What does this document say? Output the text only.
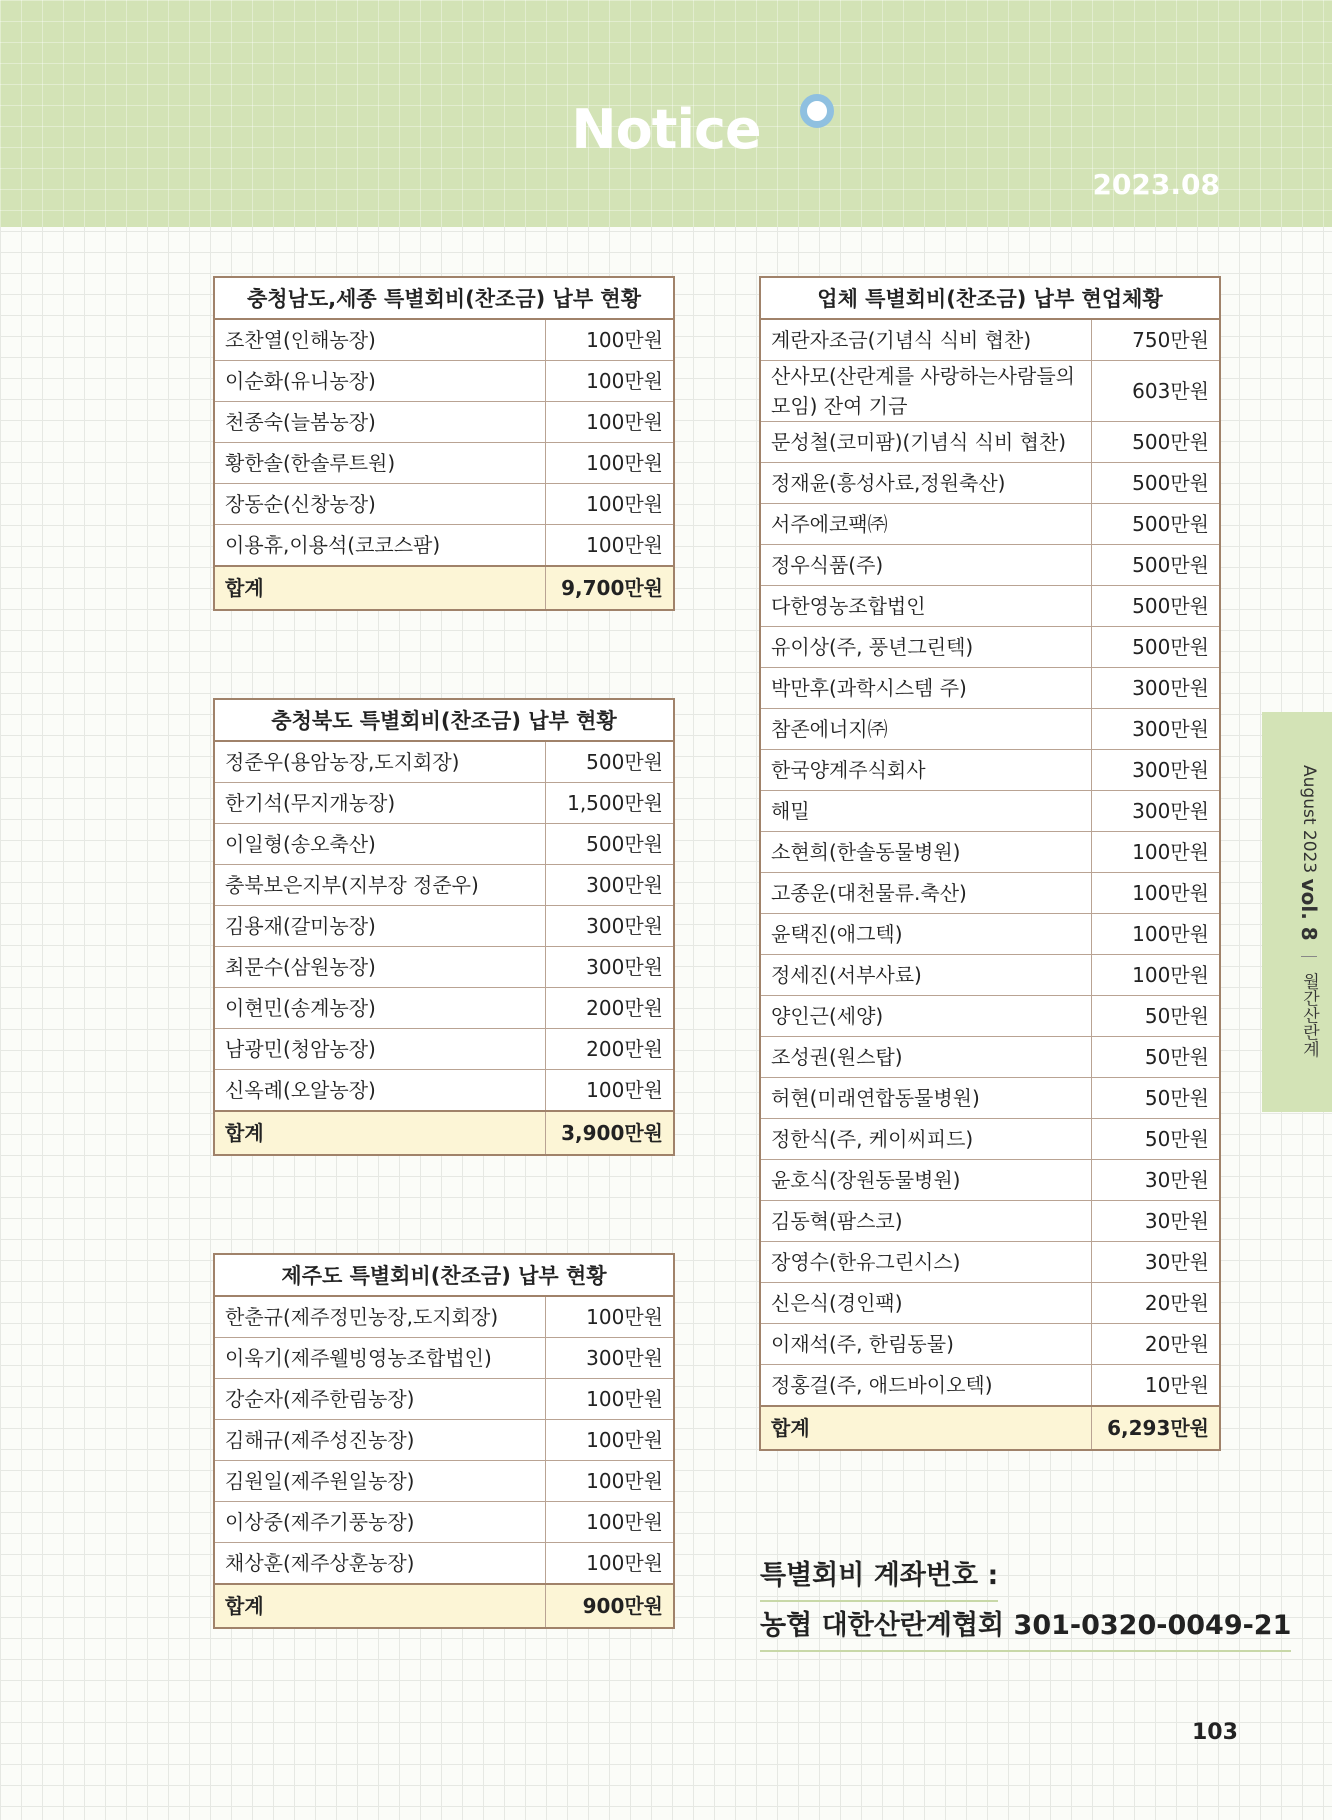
Notice
2023.08
충청남도,세종 특별회비(찬조금) 납부 현황	
조찬열(인해농장)	100만원
이순화(유니농장)	100만원
천종숙(늘봄농장)	100만원
황한솔(한솔루트원)	100만원
장동순(신창농장)	100만원
이용휴,이용석(코코스팜)	100만원
합계	9,700만원
충청북도 특별회비(찬조금) 납부 현황	
정준우(용암농장,도지회장)	500만원
한기석(무지개농장)	1,500만원
이일형(송오축산)	500만원
충북보은지부(지부장 정준우)	300만원
김용재(갈미농장)	300만원
최문수(삼원농장)	300만원
이현민(송계농장)	200만원
남광민(청암농장)	200만원
신옥례(오알농장)	100만원
합계	3,900만원
제주도 특별회비(찬조금) 납부 현황	
한춘규(제주정민농장,도지회장)	100만원
이욱기(제주웰빙영농조합법인)	300만원
강순자(제주한림농장)	100만원
김해규(제주성진농장)	100만원
김원일(제주원일농장)	100만원
이상중(제주기풍농장)	100만원
채상훈(제주상훈농장)	100만원
합계	900만원
업체 특별회비(찬조금) 납부 현업체황	
계란자조금(기념식 식비 협찬)	750만원
산사모(산란계를 사랑하는사람들의 모임) 잔여 기금	603만원
문성철(코미팜)(기념식 식비 협찬)	500만원
정재윤(흥성사료,정원축산)	500만원
서주에코팩㈜	500만원
정우식품(주)	500만원
다한영농조합법인	500만원
유이상(주, 풍년그린텍)	500만원
박만후(과학시스템 주)	300만원
참존에너지㈜	300만원
한국양계주식회사	300만원
해밀	300만원
소현희(한솔동물병원)	100만원
고종운(대천물류.축산)	100만원
윤택진(애그텍)	100만원
정세진(서부사료)	100만원
양인근(세양)	50만원
조성권(원스탑)	50만원
허현(미래연합동물병원)	50만원
정한식(주, 케이씨피드)	50만원
윤호식(장원동물병원)	30만원
김동혁(팜스코)	30만원
장영수(한유그린시스)	30만원
신은식(경인팩)	20만원
이재석(주, 한림동물)	20만원
정홍걸(주, 애드바이오텍)	10만원
합계	6,293만원
특별회비 계좌번호 :
농협 대한산란계협회 301-0320-0049-21
August 2023 vol. 8  월간산란계
103
